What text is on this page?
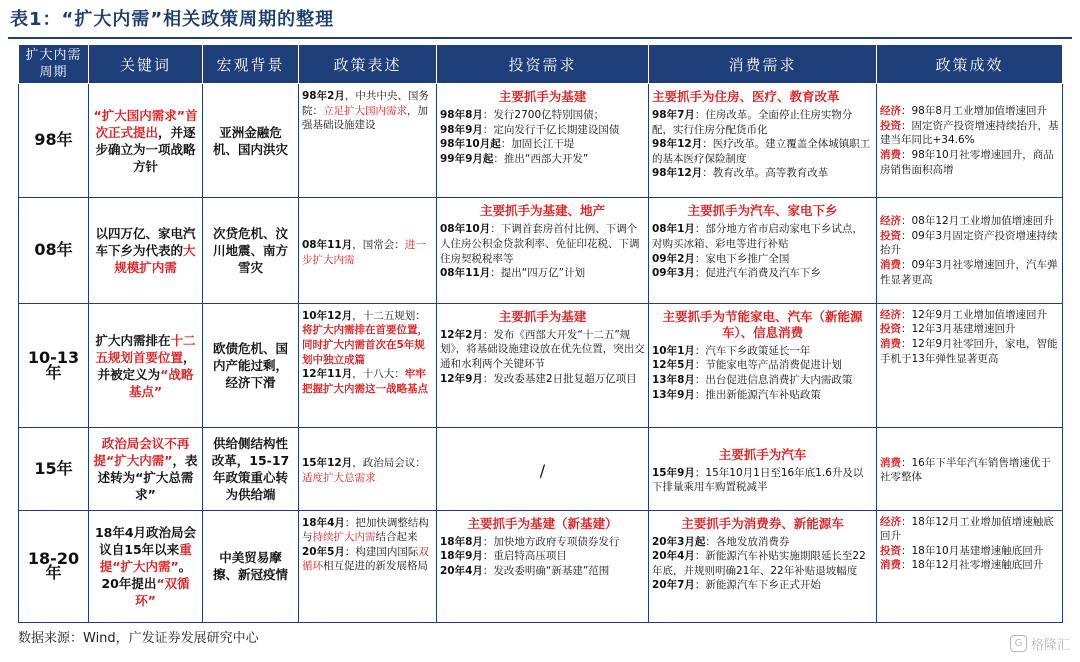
表1：“扩大内需”相关政策周期的整理
扩大内需周期	关键词	宏观背景	政策表述	投资需求	消费需求	政策成效
98年	“扩大国内需求”首次正式提出，并逐步确立为一项战略方针	亚洲金融危机、国内洪灾	98年2月，中共中央、国务院：立足扩大国内需求，加强基础设施建设	主要抓手为基建
98年8月：发行2700亿特别国债；
98年9月：定向发行千亿长期建设国债
98年10月起：加固长江干堤
99年9月起：推出“西部大开发”	主要抓手为住房、医疗、教育改革
98年7月：住房改革。全面停止住房实物分配，实行住房分配货币化
98年12月：医疗改革。建立覆盖全体城镇职工的基本医疗保险制度
98年12月：教育改革。高等教育改革	经济：98年8月工业增加值增速回升
投资：固定资产投资增速持续抬升，基建当年同比+34.6%
消费：98年10月社零增速回升，商品房销售面积高增

08年	以四万亿、家电汽车下乡为代表的大规模扩内需	次贷危机、汶川地震、南方雪灾	08年11月，国常会：进一步扩大内需	主要抓手为基建、地产
08年10月：下调首套房首付比例、下调个人住房公积金贷款利率、免征印花税、下调住房契税税率等
08年11月：提出“四万亿”计划	主要抓手为汽车、家电下乡
08年1月：部分地方省市启动家电下乡试点，对购买冰箱、彩电等进行补贴
09年2月：家电下乡推广全国
09年3月：促进汽车消费及汽车下乡	经济：08年12月工业增加值增速回升
投资：09年3月固定资产投资增速持续抬升
消费：09年3月社零增速回升，汽车弹性显著更高

10-13年	扩大内需排在十二五规划首要位置，并被定义为“战略基点”	欧债危机、国内产能过剩，经济下滑	10年12月，十二五规划：将扩大内需排在首要位置，同时扩大内需首次在5年规划中独立成篇
12年11月，十八大：牢牢把握扩大内需这一战略基点	主要抓手为基建
12年2月：发布《西部大开发“十二五”规划》，将基础设施建设放在优先位置，突出交通和水利两个关键环节
12年9月：发改委基建2日批复超万亿项目	主要抓手为节能家电、汽车（新能源车）、信息消费
10年1月：汽车下乡政策延长一年
12年5月：节能家电等产品消费促进计划
13年8月：出台促进信息消费扩大内需政策
13年9月：推出新能源汽车补贴政策	经济：12年9月工业增加值增速回升
投资：12年3月基建增速回升
消费：12年9月社零回升，家电，智能手机于13年弹性显著更高

15年	政治局会议不再提“扩大内需”，表述转为“扩大总需求”	供给侧结构性改革，15-17年政策重心转为供给端	15年12月，政治局会议：适度扩大总需求	/	主要抓手为汽车
15年9月：15年10月1日至16年底1.6升及以下排量乘用车购置税减半	消费：16年下半年汽车销售增速优于社零整体

18-20年	18年4月政治局会议自15年以来重提“扩大内需”。20年提出“双循环”	中美贸易摩擦、新冠疫情	18年4月：把加快调整结构与持续扩大内需结合起来
20年5月：构建国内国际双循环相互促进的新发展格局	主要抓手为基建（新基建）
18年8月：加快地方政府专项债券发行
18年9月：重启特高压项目
20年4月：发改委明确“新基建”范围	主要抓手为消费券、新能源车
20年3月起：各地发放消费券
20年4月：新能源汽车补贴实施期限延长至22年底，并规则明确21年、22年补贴退坡幅度
20年7月：新能源汽车下乡正式开始	经济：18年12月工业增加值增速触底回升
投资：18年10月基建增速触底回升
消费：18年12月社零增速触底回升
数据来源：Wind，广发证券发展研究中心	G 格隆汇
